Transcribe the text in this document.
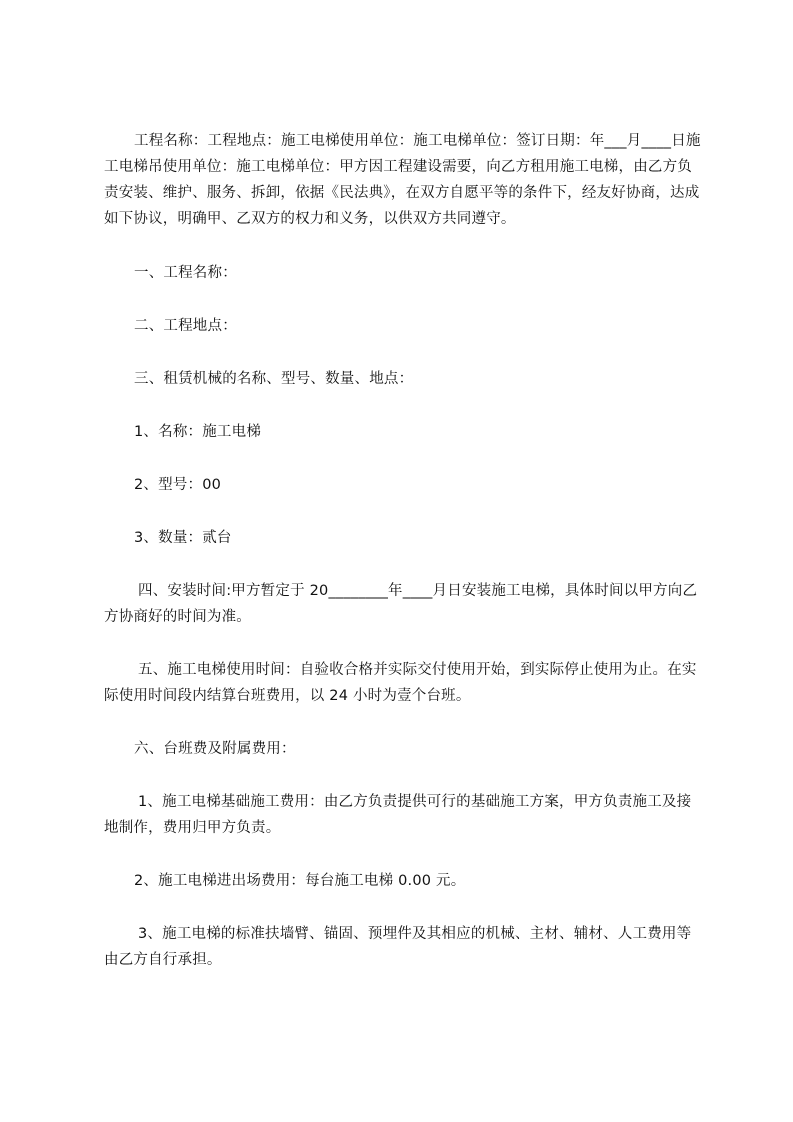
工程名称：工程地点：施工电梯使用单位：施工电梯单位：签订日期：年___月____日施工电梯吊使用单位：施工电梯单位：甲方因工程建设需要，向乙方租用施工电梯，由乙方负责安装、维护、服务、拆卸，依据《民法典》，在双方自愿平等的条件下，经友好协商，达成如下协议，明确甲、乙双方的权力和义务，以供双方共同遵守。

一、工程名称：

二、工程地点：

三、租赁机械的名称、型号、数量、地点：

1、名称：施工电梯

2、型号：00

3、数量：贰台

四、安装时间:甲方暂定于 20________年____月日安装施工电梯，具体时间以甲方向乙方协商好的时间为准。

五、施工电梯使用时间：自验收合格并实际交付使用开始，到实际停止使用为止。在实际使用时间段内结算台班费用，以 24 小时为壹个台班。

六、台班费及附属费用：

1、施工电梯基础施工费用：由乙方负责提供可行的基础施工方案，甲方负责施工及接地制作，费用归甲方负责。

2、施工电梯进出场费用：每台施工电梯 0.00 元。

3、施工电梯的标准扶墙臂、锚固、预埋件及其相应的机械、主材、辅材、人工费用等由乙方自行承担。
